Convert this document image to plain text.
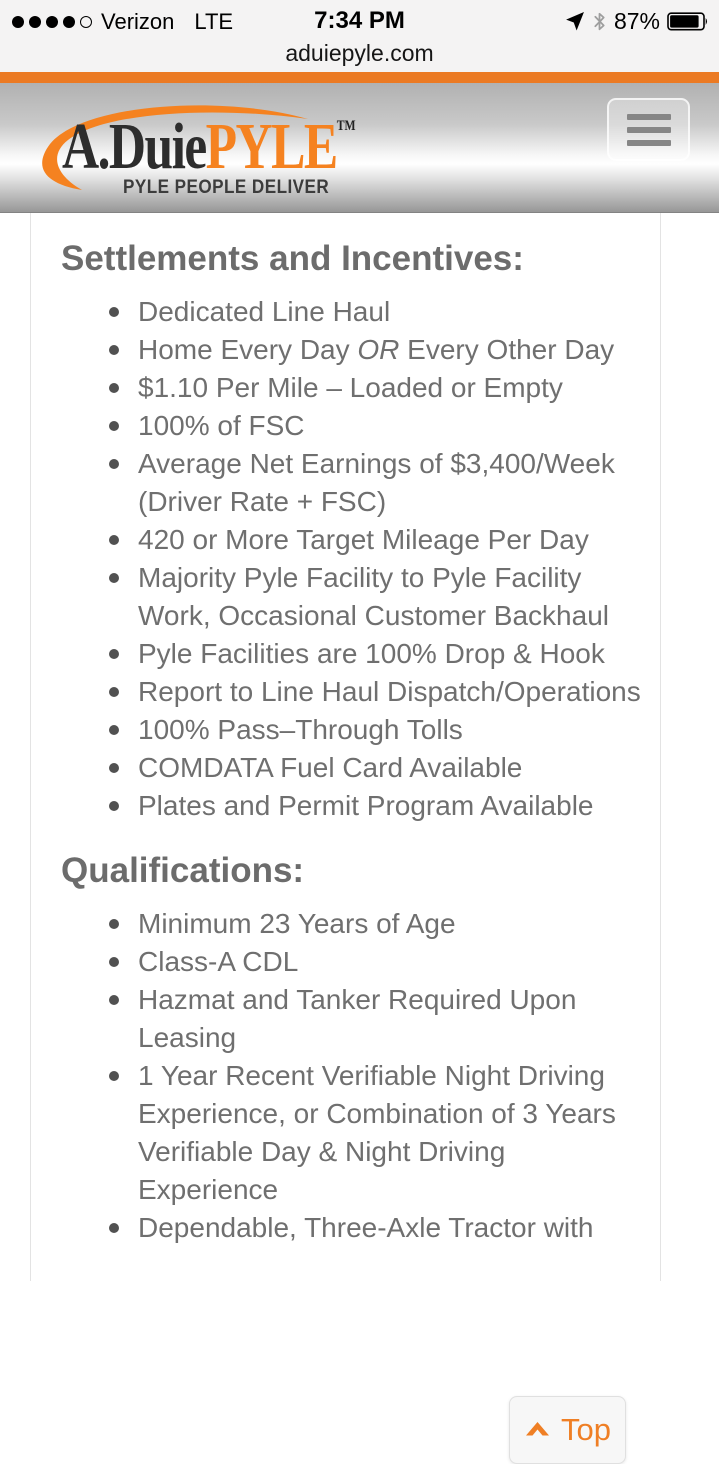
Verizon LTE	7:34 PM	87%
aduiepyle.com
A.DuiePYLE™
PYLE PEOPLE DELIVER
Settlements and Incentives:
Dedicated Line Haul
Home Every Day OR Every Other Day
$1.10 Per Mile – Loaded or Empty
100% of FSC
Average Net Earnings of $3,400/Week (Driver Rate + FSC)
420 or More Target Mileage Per Day
Majority Pyle Facility to Pyle Facility Work, Occasional Customer Backhaul
Pyle Facilities are 100% Drop & Hook
Report to Line Haul Dispatch/Operations
100% Pass–Through Tolls
COMDATA Fuel Card Available
Plates and Permit Program Available
Qualifications:
Minimum 23 Years of Age
Class-A CDL
Hazmat and Tanker Required Upon Leasing
1 Year Recent Verifiable Night Driving Experience, or Combination of 3 Years Verifiable Day & Night Driving Experience
Dependable, Three-Axle Tractor with
Top
